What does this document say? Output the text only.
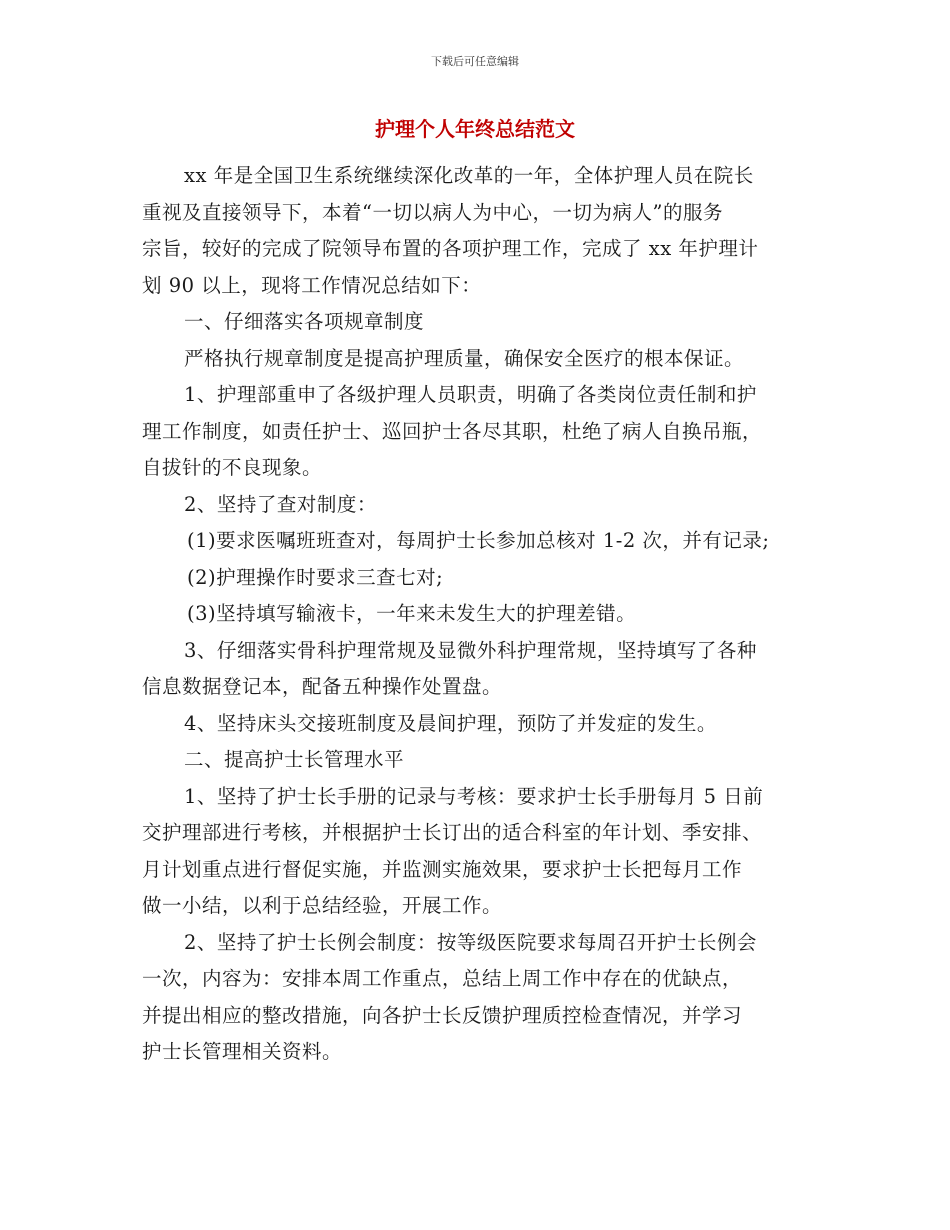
下载后可任意编辑
护理个人年终总结范文

xx 年是全国卫生系统继续深化改革的一年，全体护理人员在院长
重视及直接领导下，本着“一切以病人为中心，一切为病人”的服务
宗旨，较好的完成了院领导布置的各项护理工作，完成了 xx 年护理计
划 90 以上，现将工作情况总结如下：

一、仔细落实各项规章制度

严格执行规章制度是提高护理质量，确保安全医疗的根本保证。

1、护理部重申了各级护理人员职责，明确了各类岗位责任制和护
理工作制度，如责任护士、巡回护士各尽其职，杜绝了病人自换吊瓶，
自拔针的不良现象。

2、坚持了查对制度：

(1)要求医嘱班班查对，每周护士长参加总核对 1-2 次，并有记录;

(2)护理操作时要求三查七对;

(3)坚持填写输液卡，一年来未发生大的护理差错。

3、仔细落实骨科护理常规及显微外科护理常规，坚持填写了各种
信息数据登记本，配备五种操作处置盘。

4、坚持床头交接班制度及晨间护理，预防了并发症的发生。

二、提高护士长管理水平

1、坚持了护士长手册的记录与考核：要求护士长手册每月 5 日前
交护理部进行考核，并根据护士长订出的适合科室的年计划、季安排、
月计划重点进行督促实施，并监测实施效果，要求护士长把每月工作
做一小结，以利于总结经验，开展工作。

2、坚持了护士长例会制度：按等级医院要求每周召开护士长例会
一次，内容为：安排本周工作重点，总结上周工作中存在的优缺点，
并提出相应的整改措施，向各护士长反馈护理质控检查情况，并学习
护士长管理相关资料。
